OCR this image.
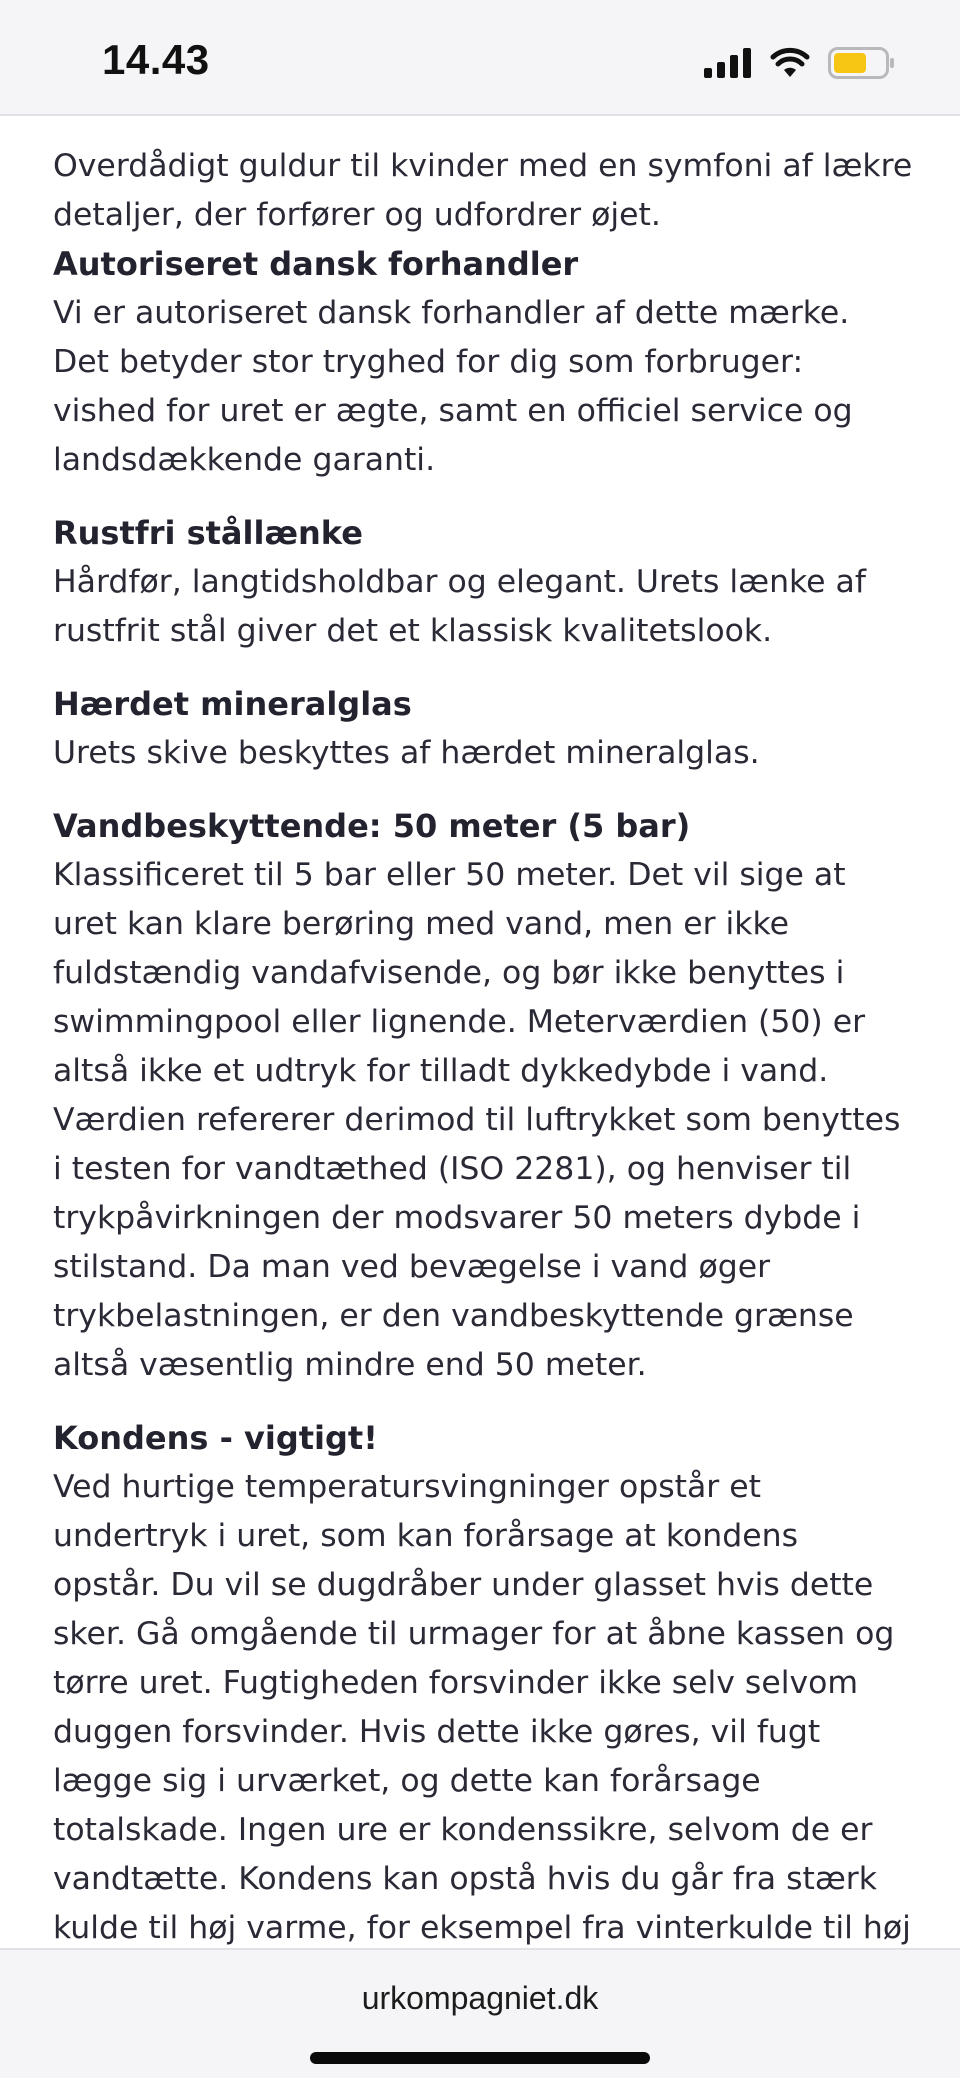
14.43

Overdådigt guldur til kvinder med en symfoni af lækre detaljer, der forfører og udfordrer øjet.

Autoriseret dansk forhandler

Vi er autoriseret dansk forhandler af dette mærke. Det betyder stor tryghed for dig som forbruger: vished for uret er ægte, samt en officiel service og landsdækkende garanti.

Rustfri stållænke

Hårdfør, langtidsholdbar og elegant. Urets lænke af rustfrit stål giver det et klassisk kvalitetslook.

Hærdet mineralglas

Urets skive beskyttes af hærdet mineralglas.

Vandbeskyttende: 50 meter (5 bar)

Klassificeret til 5 bar eller 50 meter. Det vil sige at uret kan klare berøring med vand, men er ikke fuldstændig vandafvisende, og bør ikke benyttes i swimmingpool eller lignende. Meterværdien (50) er altså ikke et udtryk for tilladt dykkedybde i vand. Værdien refererer derimod til luftrykket som benyttes i testen for vandtæthed (ISO 2281), og henviser til trykpåvirkningen der modsvarer 50 meters dybde i stilstand. Da man ved bevægelse i vand øger trykbelastningen, er den vandbeskyttende grænse altså væsentlig mindre end 50 meter.

Kondens - vigtigt!

Ved hurtige temperatursvingninger opstår et undertryk i uret, som kan forårsage at kondens opstår. Du vil se dugdråber under glasset hvis dette sker. Gå omgående til urmager for at åbne kassen og tørre uret. Fugtigheden forsvinder ikke selv selvom duggen forsvinder. Hvis dette ikke gøres, vil fugt lægge sig i urværket, og dette kan forårsage totalskade. Ingen ure er kondenssikre, selvom de er vandtætte. Kondens kan opstå hvis du går fra stærk kulde til høj varme, for eksempel fra vinterkulde til høj

urkompagniet.dk
